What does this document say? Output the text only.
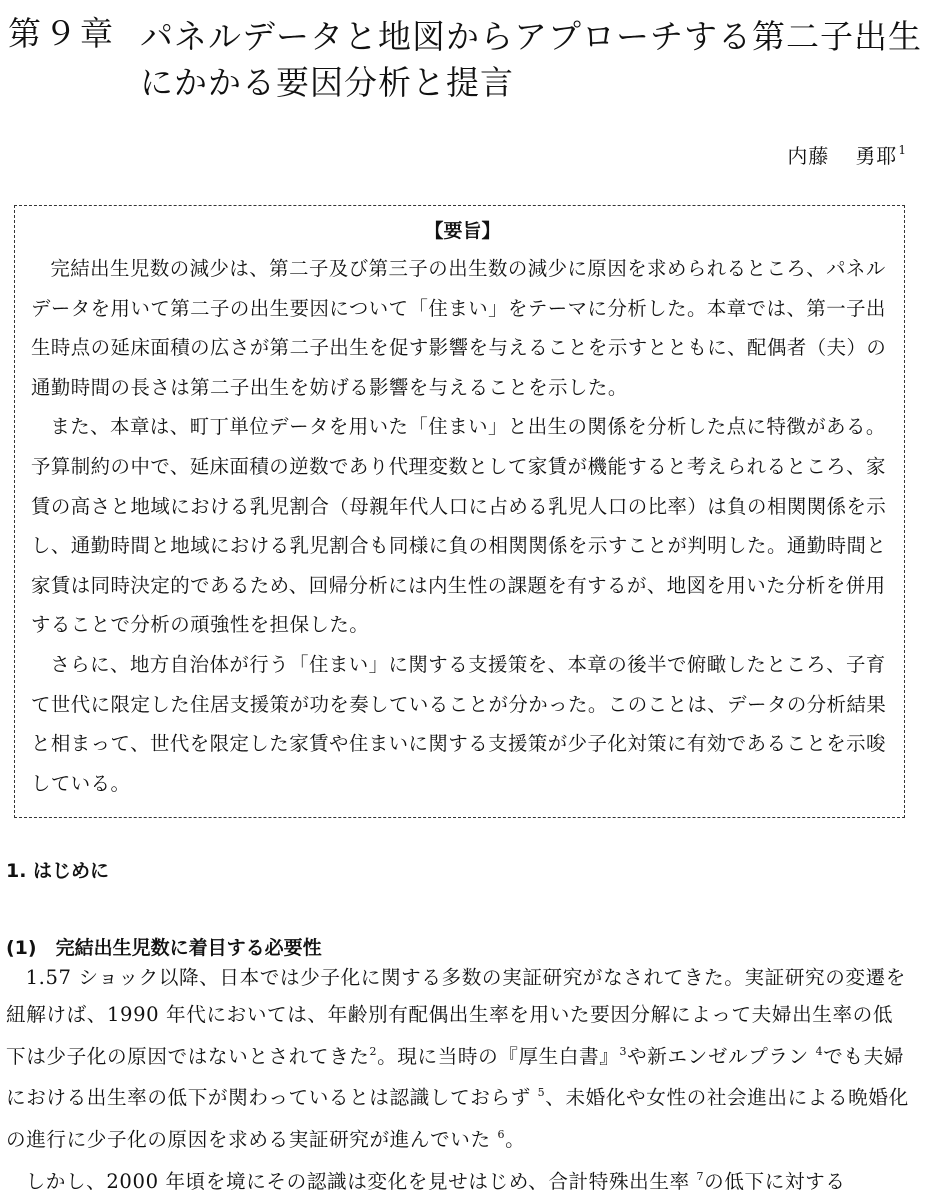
第９章 パネルデータと地図からアプローチする第二子出生にかかる要因分析と提言
内藤 勇耶$^1$
【要旨】

完結出生児数の減少は、第二子及び第三子の出生数の減少に原因を求められるところ、パネルデータを用いて第二子の出生要因について「住まい」をテーマに分析した。本章では、第一子出生時点の延床面積の広さが第二子出生を促す影響を与えることを示すとともに、配偶者（夫）の通勤時間の長さは第二子出生を妨げる影響を与えることを示した。

また、本章は、町丁単位データを用いた「住まい」と出生の関係を分析した点に特徴がある。予算制約の中で、延床面積の逆数であり代理変数として家賃が機能すると考えられるところ、家賃の高さと地域における乳児割合（母親年代人口に占める乳児人口の比率）は負の相関関係を示し、通勤時間と地域における乳児割合も同様に負の相関関係を示すことが判明した。通勤時間と家賃は同時決定的であるため、回帰分析には内生性の課題を有するが、地図を用いた分析を併用することで分析の頑強性を担保した。

さらに、地方自治体が行う「住まい」に関する支援策を、本章の後半で俯瞰したところ、子育て世代に限定した住居支援策が功を奏していることが分かった。このことは、データの分析結果と相まって、世代を限定した家賃や住まいに関する支援策が少子化対策に有効であることを示唆している。

1. はじめに
(1)　完結出生児数に着目する必要性

1.57 ショック以降、日本では少子化に関する多数の実証研究がなされてきた。実証研究の変遷を紐解けば、1990 年代においては、年齢別有配偶出生率を用いた要因分解によって夫婦出生率の低下は少子化の原因ではないとされてきた$^2$。現に当時の『厚生白書』$^3$や新エンゼルプラン $^4$でも夫婦における出生率の低下が関わっているとは認識しておらず $^5$、未婚化や女性の社会進出による晩婚化の進行に少子化の原因を求める実証研究が進んでいた $^6$。

しかし、2000 年頃を境にその認識は変化を見せはじめ、合計特殊出生率 $^7$の低下に対する
